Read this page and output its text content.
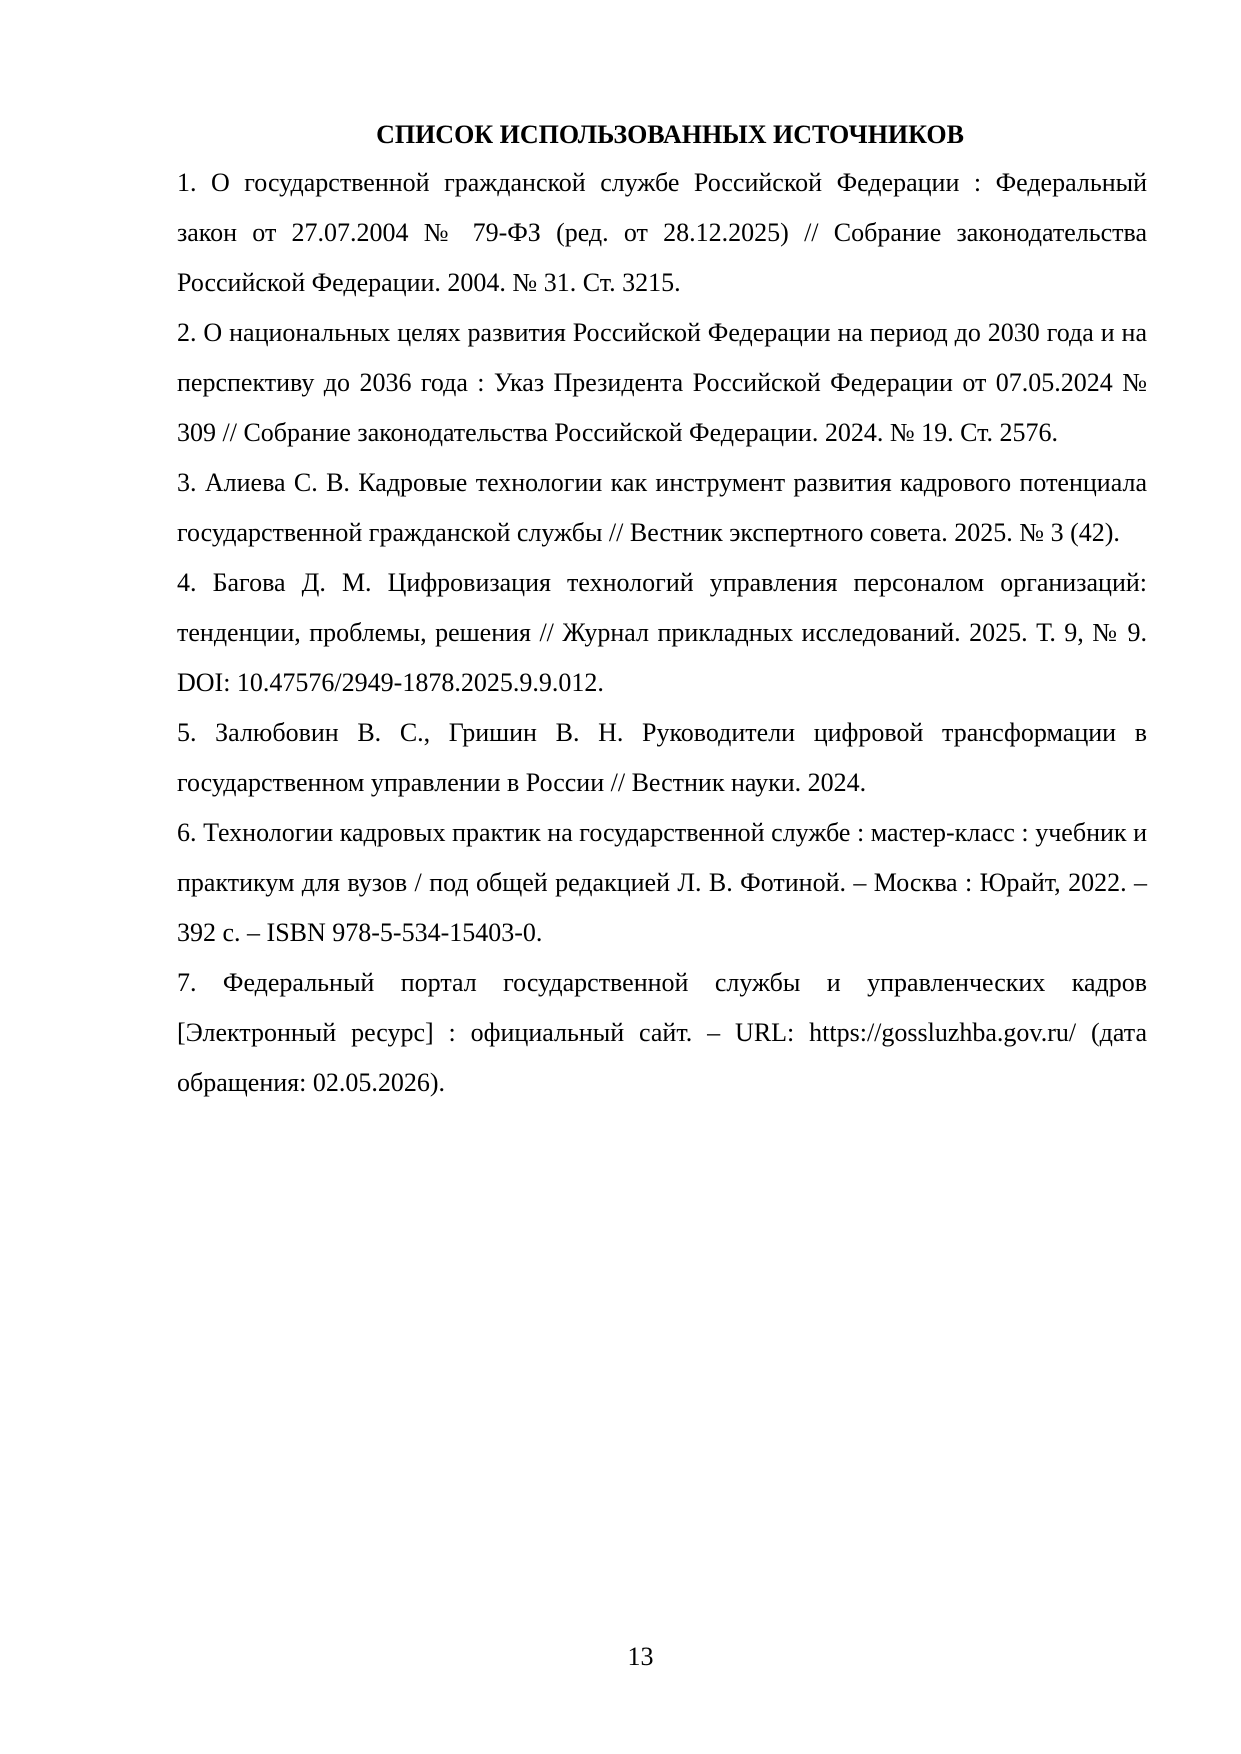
СПИСОК ИСПОЛЬЗОВАННЫХ ИСТОЧНИКОВ
1. О государственной гражданской службе Российской Федерации : Федеральный закон от 27.07.2004 № 79-ФЗ (ред. от 28.12.2025) // Собрание законодательства Российской Федерации. 2004. № 31. Ст. 3215.
2. О национальных целях развития Российской Федерации на период до 2030 года и на перспективу до 2036 года : Указ Президента Российской Федерации от 07.05.2024 № 309 // Собрание законодательства Российской Федерации. 2024. № 19. Ст. 2576.
3. Алиева С. В. Кадровые технологии как инструмент развития кадрового потенциала государственной гражданской службы // Вестник экспертного совета. 2025. № 3 (42).
4. Багова Д. М. Цифровизация технологий управления персоналом организаций: тенденции, проблемы, решения // Журнал прикладных исследований. 2025. Т. 9, № 9. DOI: 10.47576/2949-1878.2025.9.9.012.
5. Залюбовин В. С., Гришин В. Н. Руководители цифровой трансформации в государственном управлении в России // Вестник науки. 2024.
6. Технологии кадровых практик на государственной службе : мастер-класс : учебник и практикум для вузов / под общей редакцией Л. В. Фотиной. – Москва : Юрайт, 2022. – 392 с. – ISBN 978-5-534-15403-0.
7. Федеральный портал государственной службы и управленческих кадров [Электронный ресурс] : официальный сайт. – URL: https://gossluzhba.gov.ru/ (дата обращения: 02.05.2026).
13
